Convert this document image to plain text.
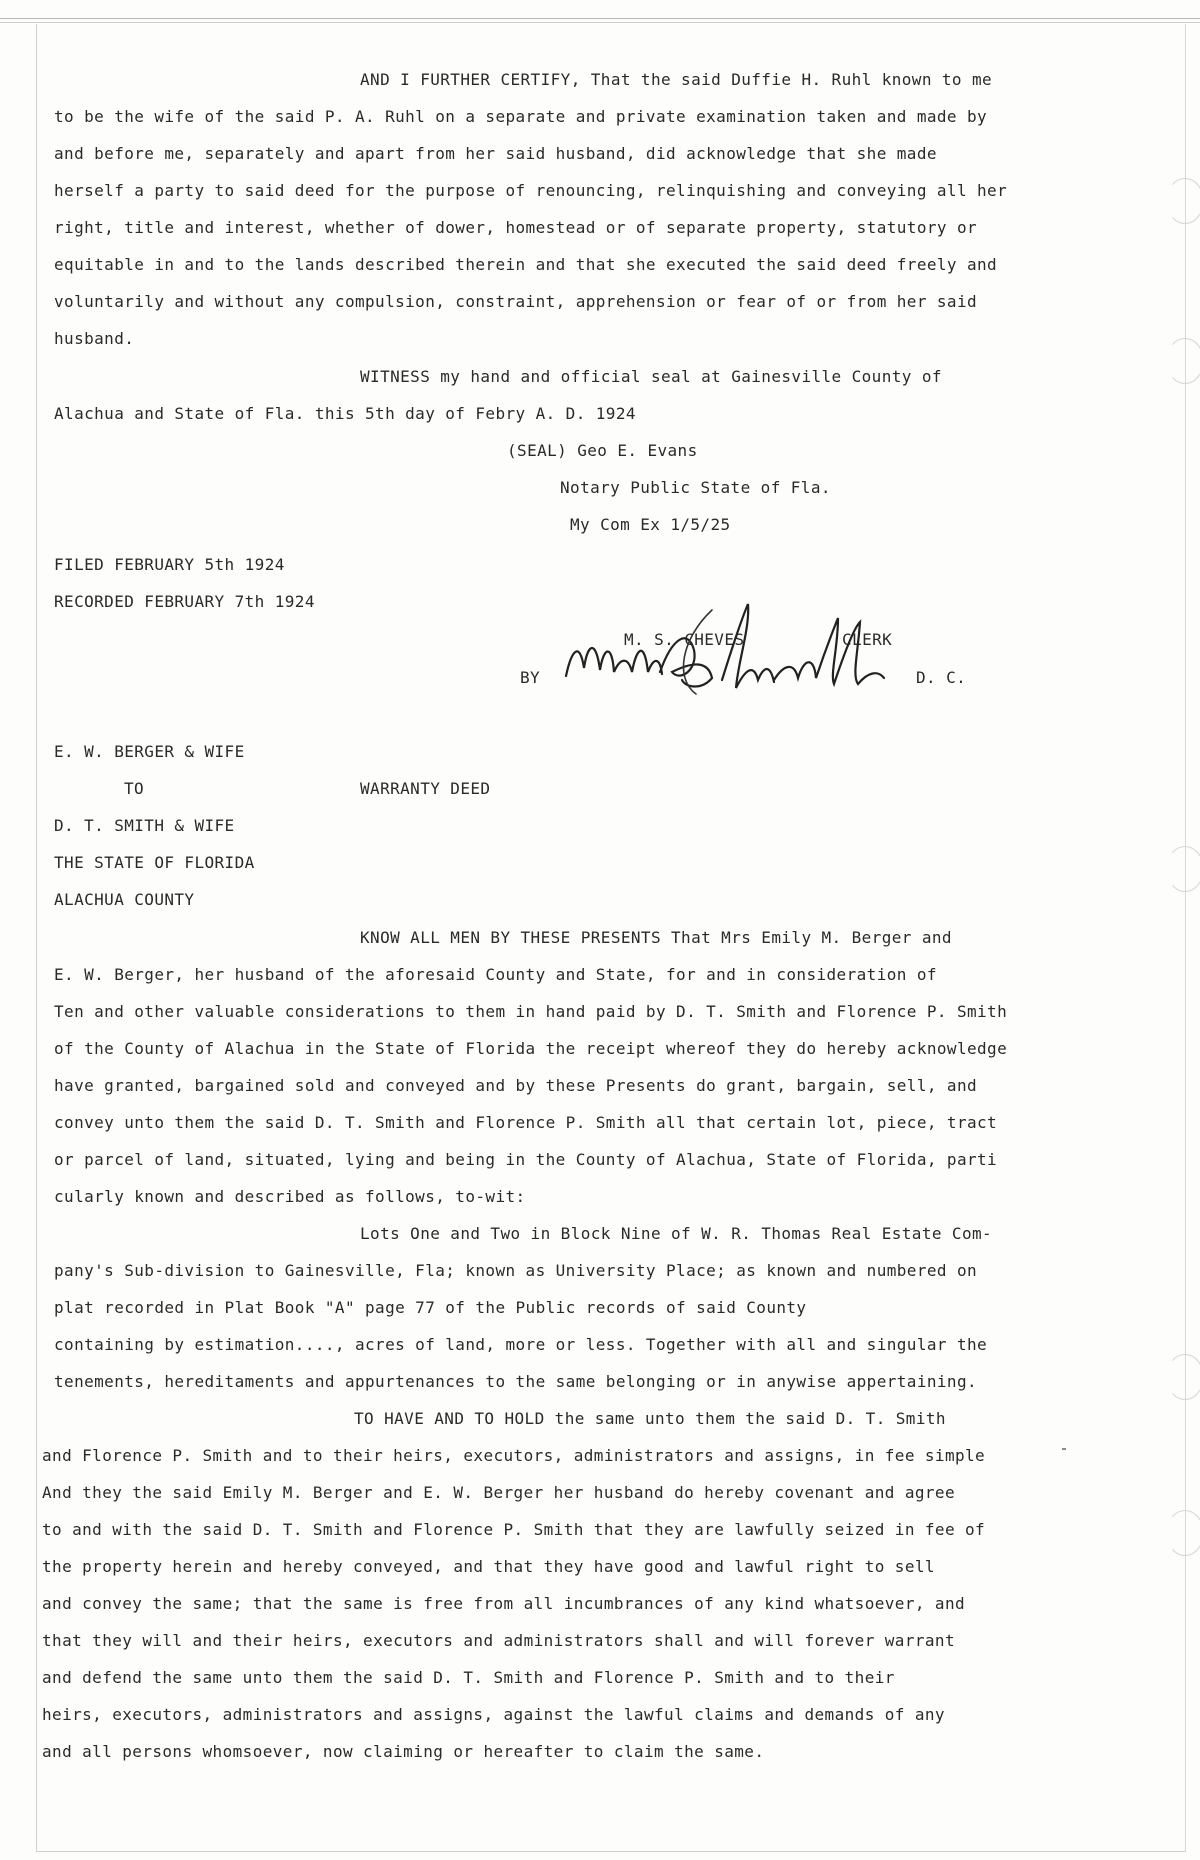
AND I FURTHER CERTIFY, That the said Duffie H. Ruhl known to me
to be the wife of the said P. A. Ruhl on a separate and private examination taken and made by
and before me, separately and apart from her said husband, did acknowledge that she made
herself a party to said deed for the purpose of renouncing, relinquishing and conveying all her
right, title and interest, whether of dower, homestead or of separate property, statutory or
equitable in and to the lands described therein and that she executed the said deed freely and
voluntarily and without any compulsion, constraint, apprehension or fear of or from her said
husband.
WITNESS my hand and official seal at Gainesville County of
Alachua and State of Fla. this 5th day of Febry A. D. 1924
(SEAL) Geo E. Evans
Notary Public State of Fla.
My Com Ex 1/5/25
FILED FEBRUARY 5th 1924
RECORDED FEBRUARY 7th 1924
M. S. CHEVES	CLERK
BY	D. C.
E. W. BERGER & WIFE
TO	WARRANTY DEED
D. T. SMITH & WIFE
THE STATE OF FLORIDA
ALACHUA COUNTY
KNOW ALL MEN BY THESE PRESENTS That Mrs Emily M. Berger and
E. W. Berger, her husband of the aforesaid County and State, for and in consideration of
Ten and other valuable considerations to them in hand paid by D. T. Smith and Florence P. Smith
of the County of Alachua in the State of Florida the receipt whereof they do hereby acknowledge
have granted, bargained sold and conveyed and by these Presents do grant, bargain, sell, and
convey unto them the said D. T. Smith and Florence P. Smith all that certain lot, piece, tract
or parcel of land, situated, lying and being in the County of Alachua, State of Florida, parti
cularly known and described as follows, to-wit:
Lots One and Two in Block Nine of W. R. Thomas Real Estate Com-
pany's Sub-division to Gainesville, Fla; known as University Place; as known and numbered on
plat recorded in Plat Book "A" page 77 of the Public records of said County
containing by estimation...., acres of land, more or less. Together with all and singular the
tenements, hereditaments and appurtenances to the same belonging or in anywise appertaining.
TO HAVE AND TO HOLD the same unto them the said D. T. Smith
and Florence P. Smith and to their heirs, executors, administrators and assigns, in fee simple
And they the said Emily M. Berger and E. W. Berger her husband do hereby covenant and agree
to and with the said D. T. Smith and Florence P. Smith that they are lawfully seized in fee of
the property herein and hereby conveyed, and that they have good and lawful right to sell
and convey the same; that the same is free from all incumbrances of any kind whatsoever, and
that they will and their heirs, executors and administrators shall and will forever warrant
and defend the same unto them the said D. T. Smith and Florence P. Smith and to their
heirs, executors, administrators and assigns, against the lawful claims and demands of any
and all persons whomsoever, now claiming or hereafter to claim the same.
